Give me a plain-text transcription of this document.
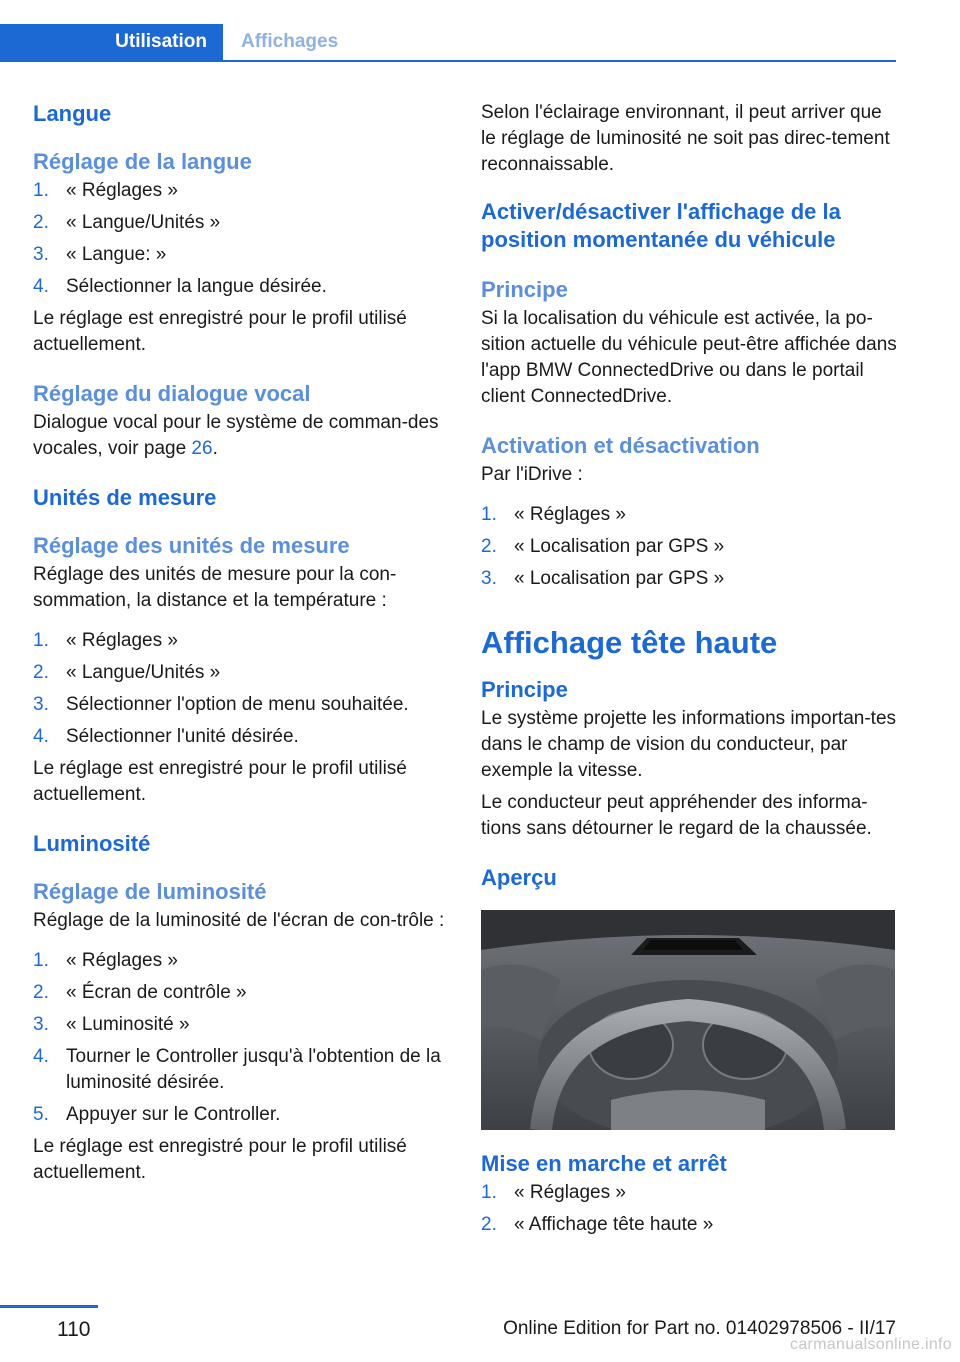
Utilisation	Affichages
Langue
Réglage de la langue
1. « Réglages »
2. « Langue/Unités »
3. « Langue: »
4. Sélectionner la langue désirée.
Le réglage est enregistré pour le profil utilisé actuellement.
Réglage du dialogue vocal
Dialogue vocal pour le système de comman-des vocales, voir page 26.
Unités de mesure
Réglage des unités de mesure
Réglage des unités de mesure pour la con-sommation, la distance et la température :
1. « Réglages »
2. « Langue/Unités »
3. Sélectionner l'option de menu souhaitée.
4. Sélectionner l'unité désirée.
Le réglage est enregistré pour le profil utilisé actuellement.
Luminosité
Réglage de luminosité
Réglage de la luminosité de l'écran de con-trôle :
1. « Réglages »
2. « Écran de contrôle »
3. « Luminosité »
4. Tourner le Controller jusqu'à l'obtention de la luminosité désirée.
5. Appuyer sur le Controller.
Le réglage est enregistré pour le profil utilisé actuellement.
Selon l'éclairage environnant, il peut arriver que le réglage de luminosité ne soit pas direc-tement reconnaissable.
Activer/désactiver l'affichage de la position momentanée du véhicule
Principe
Si la localisation du véhicule est activée, la po-sition actuelle du véhicule peut-être affichée dans l'app BMW ConnectedDrive ou dans le portail client ConnectedDrive.
Activation et désactivation
Par l'iDrive :
1. « Réglages »
2. « Localisation par GPS »
3. « Localisation par GPS »
Affichage tête haute
Principe
Le système projette les informations importan-tes dans le champ de vision du conducteur, par exemple la vitesse.
Le conducteur peut appréhender des informa-tions sans détourner le regard de la chaussée.
Aperçu
Mise en marche et arrêt
1. « Réglages »
2. « Affichage tête haute »
110	Online Edition for Part no. 01402978506 - II/17
carmanualsonline.info
